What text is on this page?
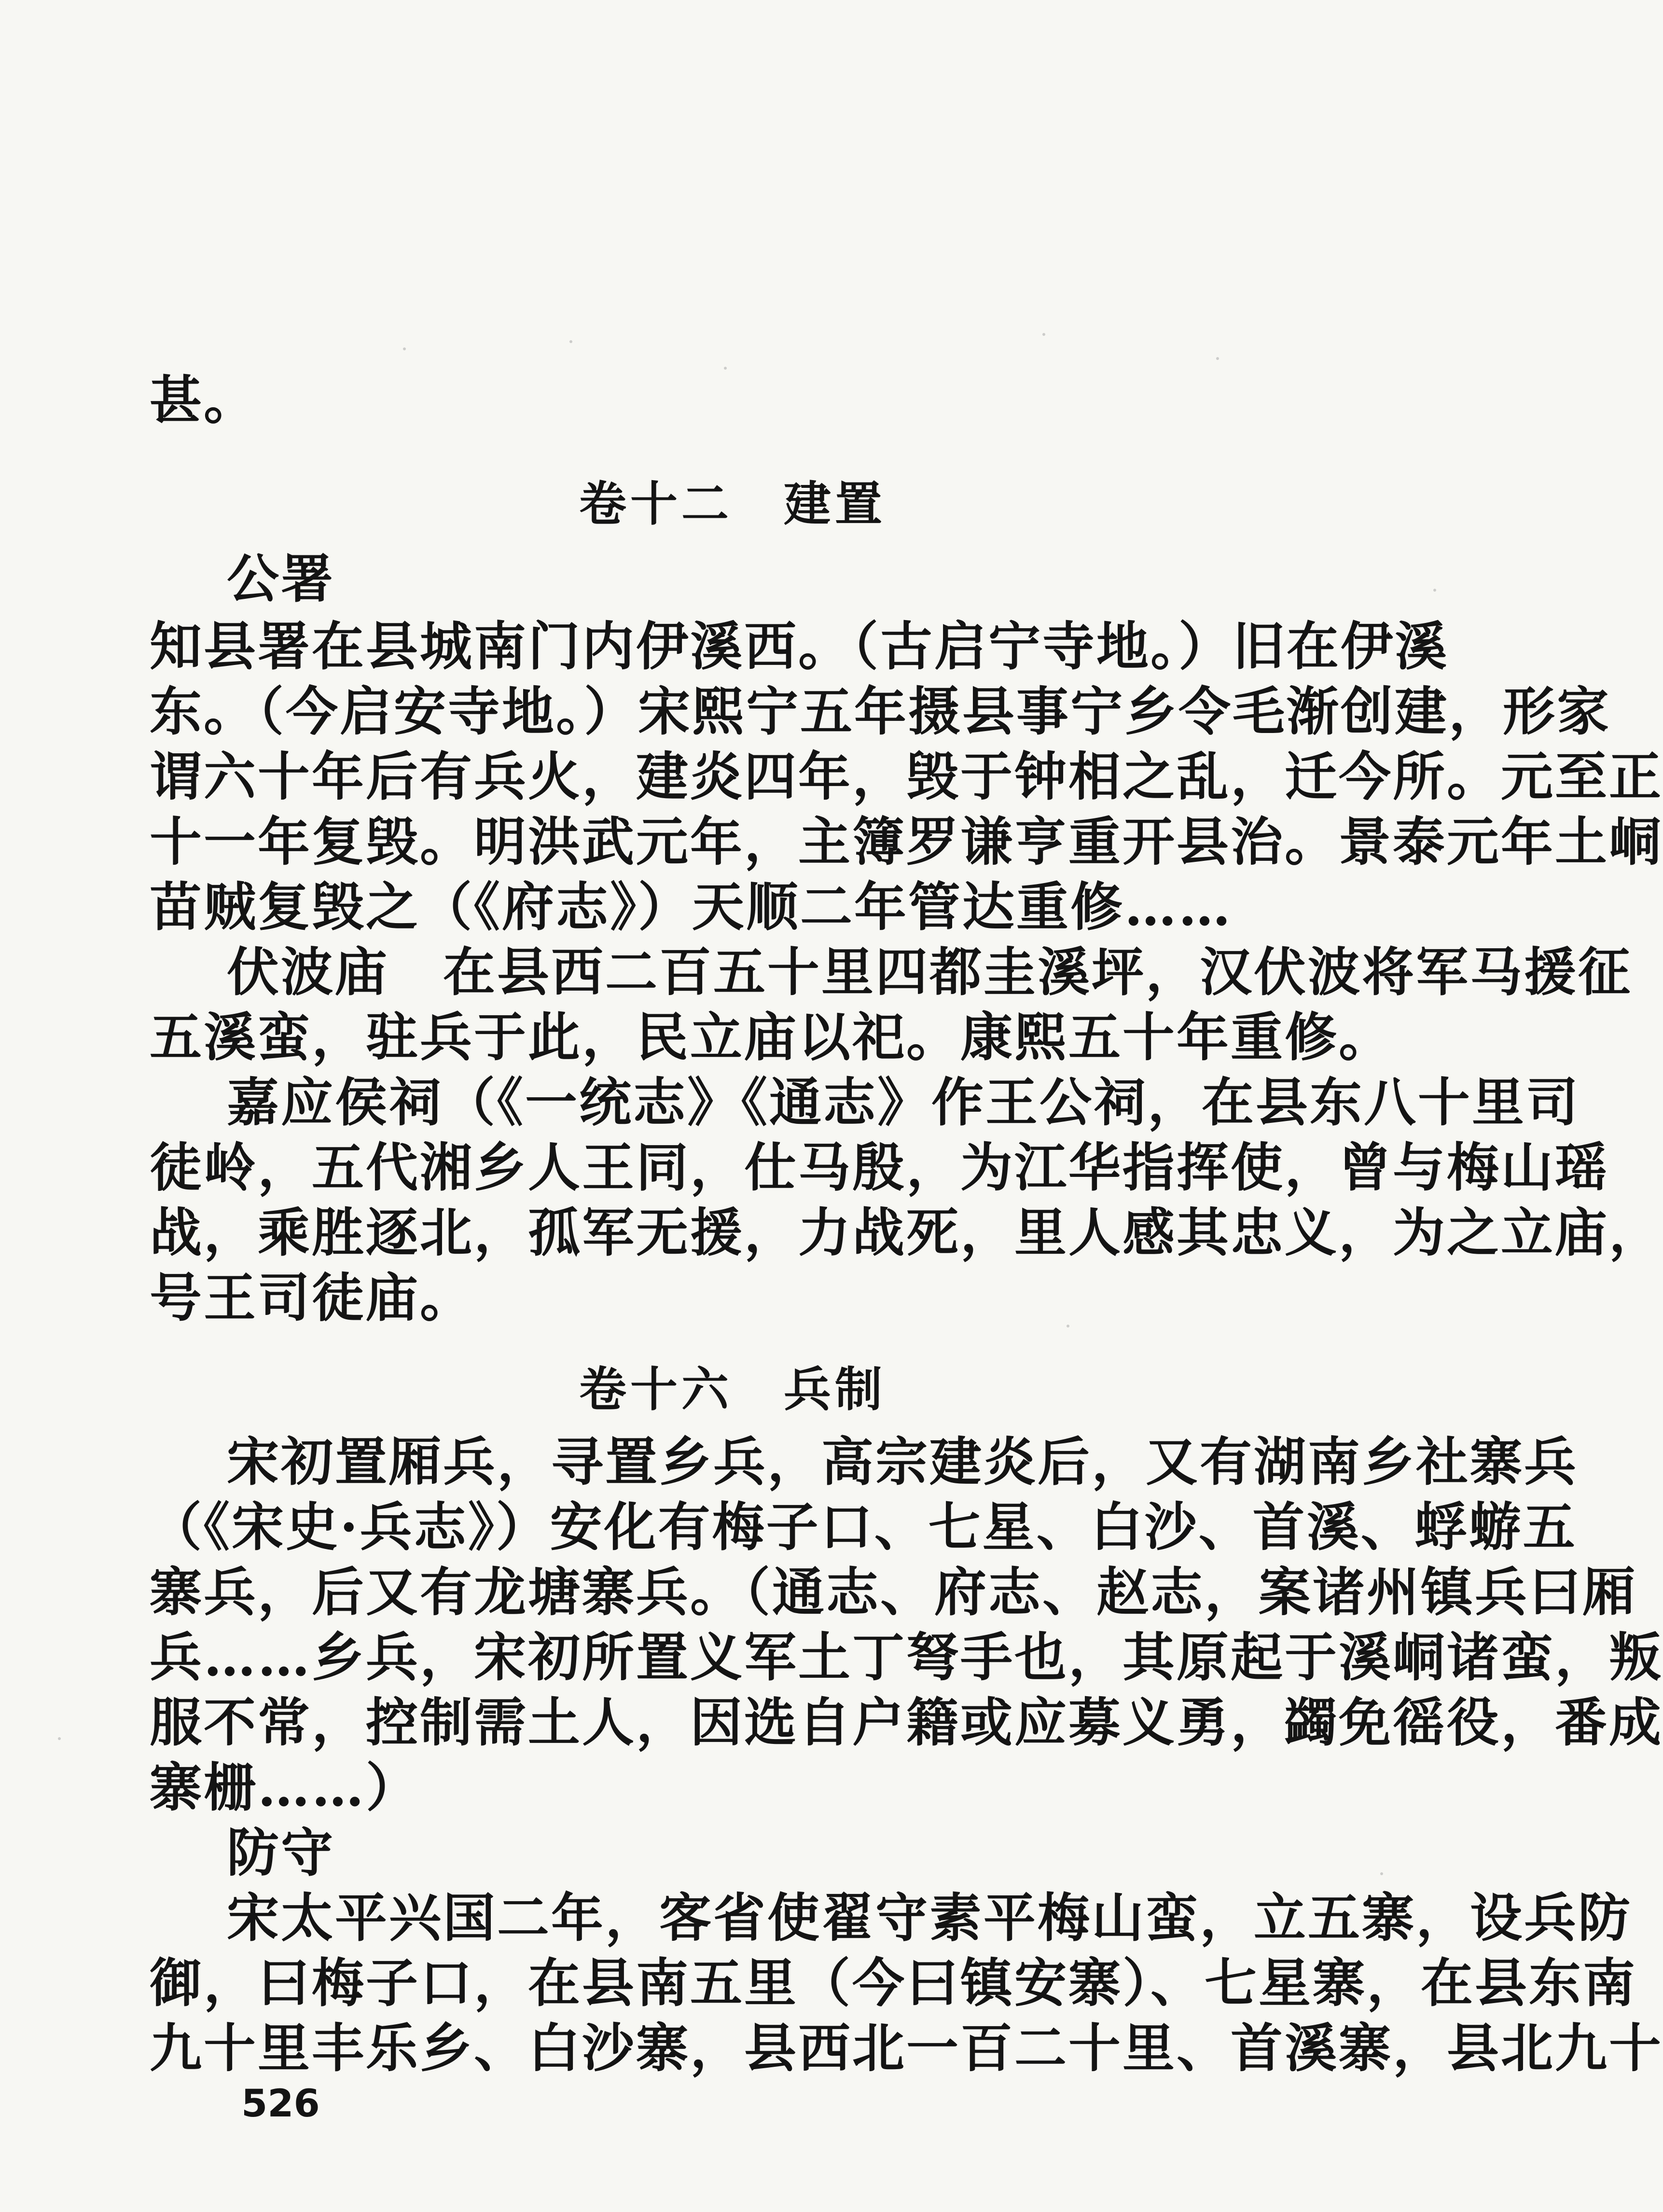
甚。
卷十二　建置
公署
知县署在县城南门内伊溪西。（古启宁寺地。）旧在伊溪
东。（今启安寺地。）宋熙宁五年摄县事宁乡令毛渐创建，形家
谓六十年后有兵火，建炎四年，毁于钟相之乱，迁今所。元至正
十一年复毁。明洪武元年，主簿罗谦亨重开县治。景泰元年土峒
苗贼复毁之（《府志》）天顺二年管达重修……
伏波庙　在县西二百五十里四都圭溪坪，汉伏波将军马援征
五溪蛮，驻兵于此，民立庙以祀。康熙五十年重修。
嘉应侯祠（《一统志》《通志》作王公祠，在县东八十里司
徒岭，五代湘乡人王同，仕马殷，为江华指挥使，曾与梅山瑶
战，乘胜逐北，孤军无援，力战死，里人感其忠义，为之立庙，
号王司徒庙。
卷十六　兵制
宋初置厢兵，寻置乡兵，高宗建炎后，又有湖南乡社寨兵
（《宋史·兵志》）安化有梅子口、七星、白沙、首溪、蜉蝣五
寨兵，后又有龙塘寨兵。（通志、府志、赵志，案诸州镇兵曰厢
兵……乡兵，宋初所置义军土丁弩手也，其原起于溪峒诸蛮，叛
服不常，控制需土人，因选自户籍或应募义勇，蠲免徭役，番成
寨栅……）
防守
宋太平兴国二年，客省使翟守素平梅山蛮，立五寨，设兵防
御，曰梅子口，在县南五里（今曰镇安寨）、七星寨，在县东南
九十里丰乐乡、白沙寨，县西北一百二十里、首溪寨，县北九十
526
